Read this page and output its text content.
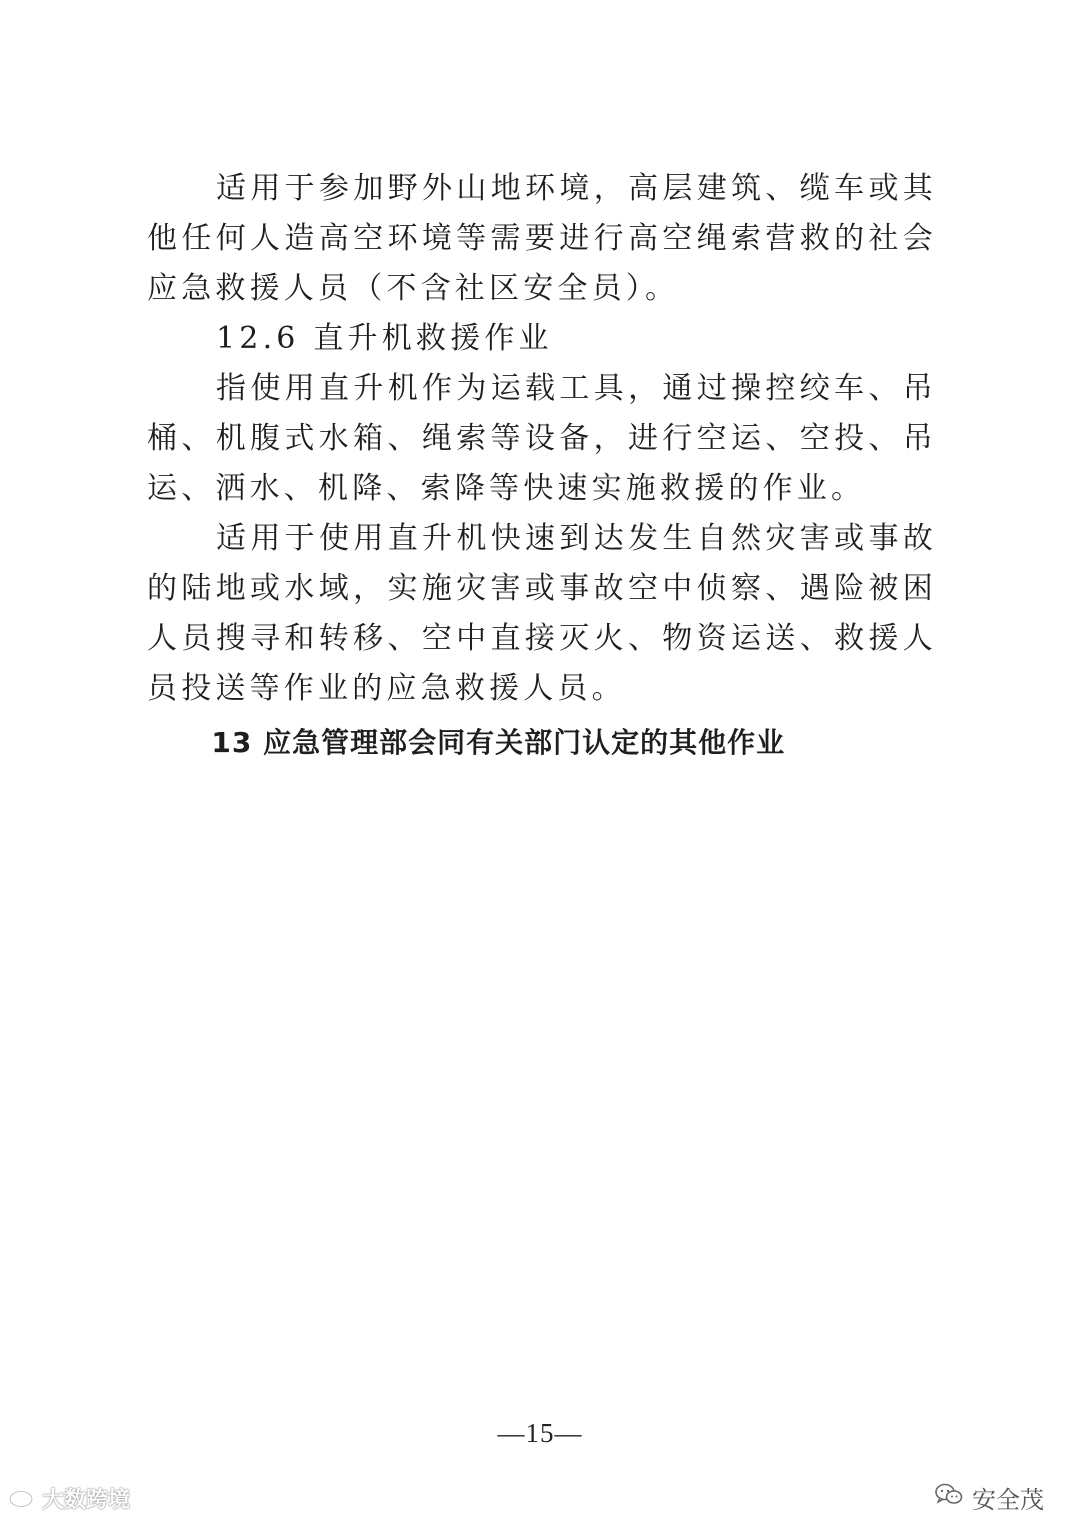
适用于参加野外山地环境，高层建筑、缆车或其他任何人造高空环境等需要进行高空绳索营救的社会应急救援人员（不含社区安全员）。

12.6 直升机救援作业

指使用直升机作为运载工具，通过操控绞车、吊桶、机腹式水箱、绳索等设备，进行空运、空投、吊运、洒水、机降、索降等快速实施救援的作业。

适用于使用直升机快速到达发生自然灾害或事故的陆地或水域，实施灾害或事故空中侦察、遇险被困人员搜寻和转移、空中直接灭火、物资运送、救援人员投送等作业的应急救援人员。

13 应急管理部会同有关部门认定的其他作业

—15—
大数跨境	安全茂
